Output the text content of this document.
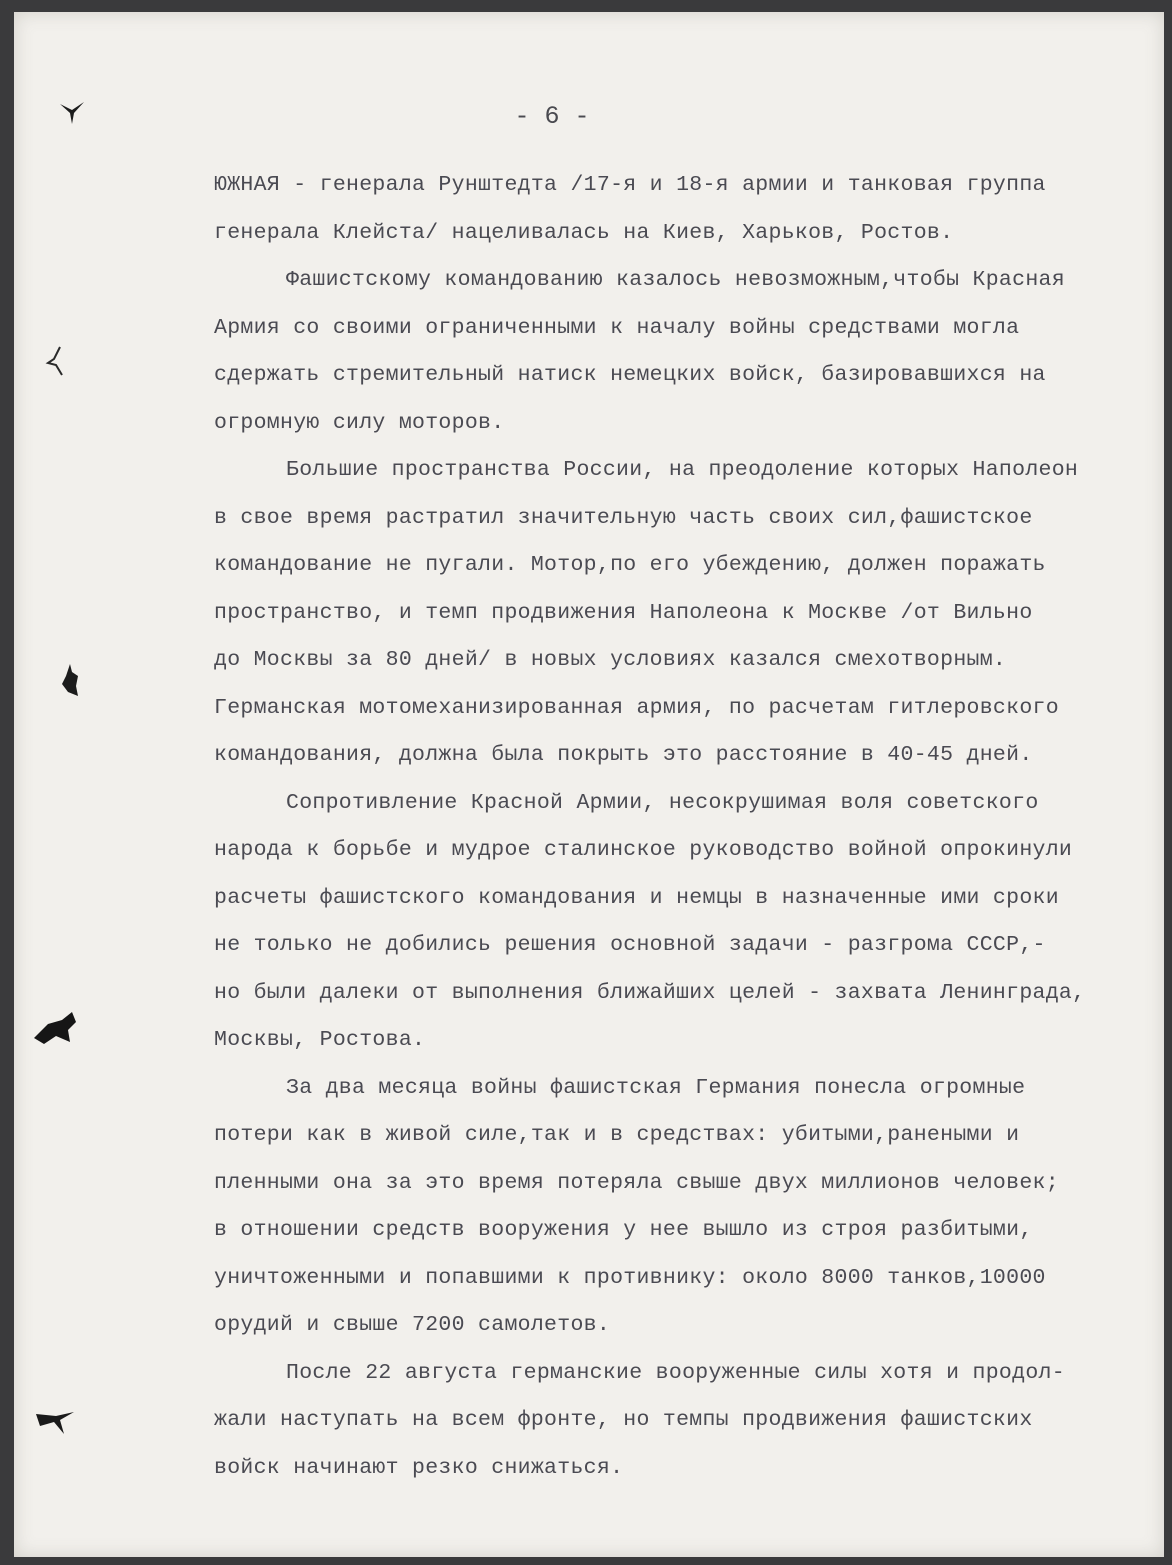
- 6 -
ЮЖНАЯ - генерала Рунштедта /17-я и 18-я армии и танковая группа
генерала Клейста/ нацеливалась на Киев, Харьков, Ростов.
Фашистскому командованию казалось невозможным,чтобы Красная
Армия со своими ограниченными к началу войны средствами могла
сдержать стремительный натиск немецких войск, базировавшихся на
огромную силу моторов.
Большие пространства России, на преодоление которых Наполеон
в свое время растратил значительную часть своих сил,фашистское
командование не пугали. Мотор,по его убеждению, должен поражать
пространство, и темп продвижения Наполеона к Москве /от Вильно
до Москвы за 80 дней/ в новых условиях казался смехотворным.
Германская мотомеханизированная армия, по расчетам гитлеровского
командования, должна была покрыть это расстояние в 40-45 дней.
Сопротивление Красной Армии, несокрушимая воля советского
народа к борьбе и мудрое сталинское руководство войной опрокинули
расчеты фашистского командования и немцы в назначенные ими сроки
не только не добились решения основной задачи - разгрома СССР,-
но были далеки от выполнения ближайших целей - захвата Ленинграда,
Москвы, Ростова.
За два месяца войны фашистская Германия понесла огромные
потери как в живой силе,так и в средствах: убитыми,ранеными и
пленными она за это время потеряла свыше двух миллионов человек;
в отношении средств вооружения у нее вышло из строя разбитыми,
уничтоженными и попавшими к противнику: около 8000 танков,10000
орудий и свыше 7200 самолетов.
После 22 августа германские вооруженные силы хотя и продол-
жали наступать на всем фронте, но темпы продвижения фашистских
войск начинают резко снижаться.
